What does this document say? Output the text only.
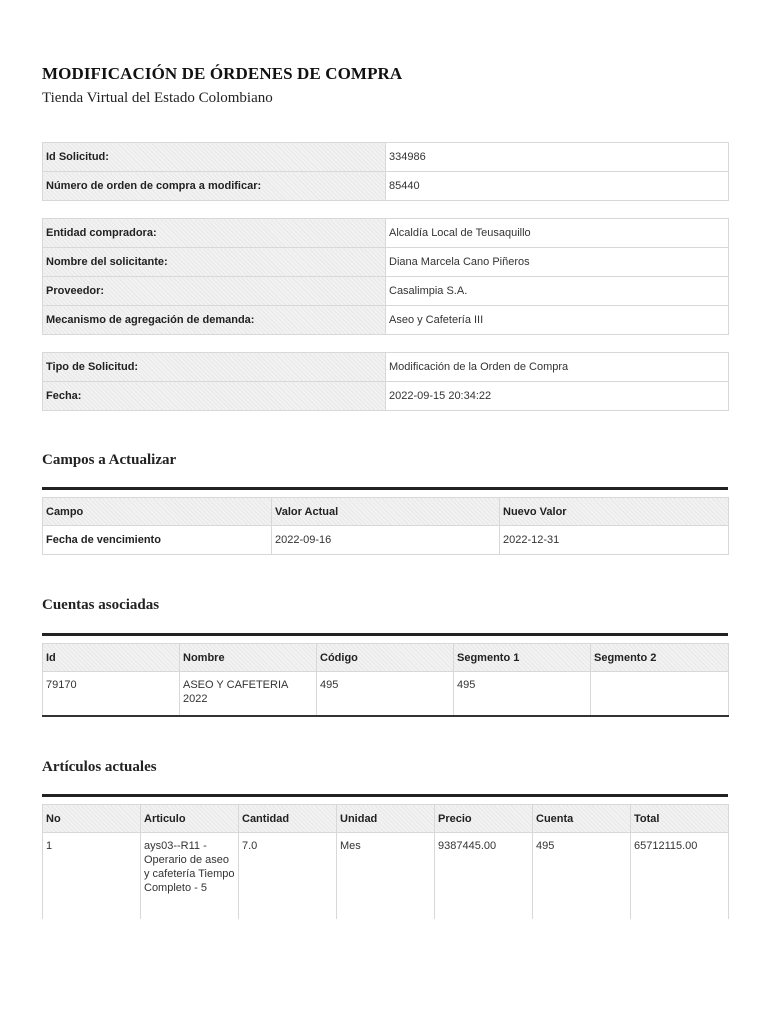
MODIFICACIÓN DE ÓRDENES DE COMPRA
Tienda Virtual del Estado Colombiano
Id Solicitud:	334986
Número de orden de compra a modificar:	85440
Entidad compradora:	Alcaldía Local de Teusaquillo
Nombre del solicitante:	Diana Marcela Cano Piñeros
Proveedor:	Casalimpia S.A.
Mecanismo de agregación de demanda:	Aseo y Cafetería III
Tipo de Solicitud:	Modificación de la Orden de Compra
Fecha:	2022-09-15 20:34:22
Campos a Actualizar
Campo	Valor Actual	Nuevo Valor
Fecha de vencimiento	2022-09-16	2022-12-31
Cuentas asociadas
Id	Nombre	Código	Segmento 1	Segmento 2
79170	ASEO Y CAFETERIA 2022	495	495	
Artículos actuales
No	Articulo	Cantidad	Unidad	Precio	Cuenta	Total
1	ays03--R11 - Operario de aseo y cafetería Tiempo Completo - 5	7.0	Mes	9387445.00	495	65712115.00
